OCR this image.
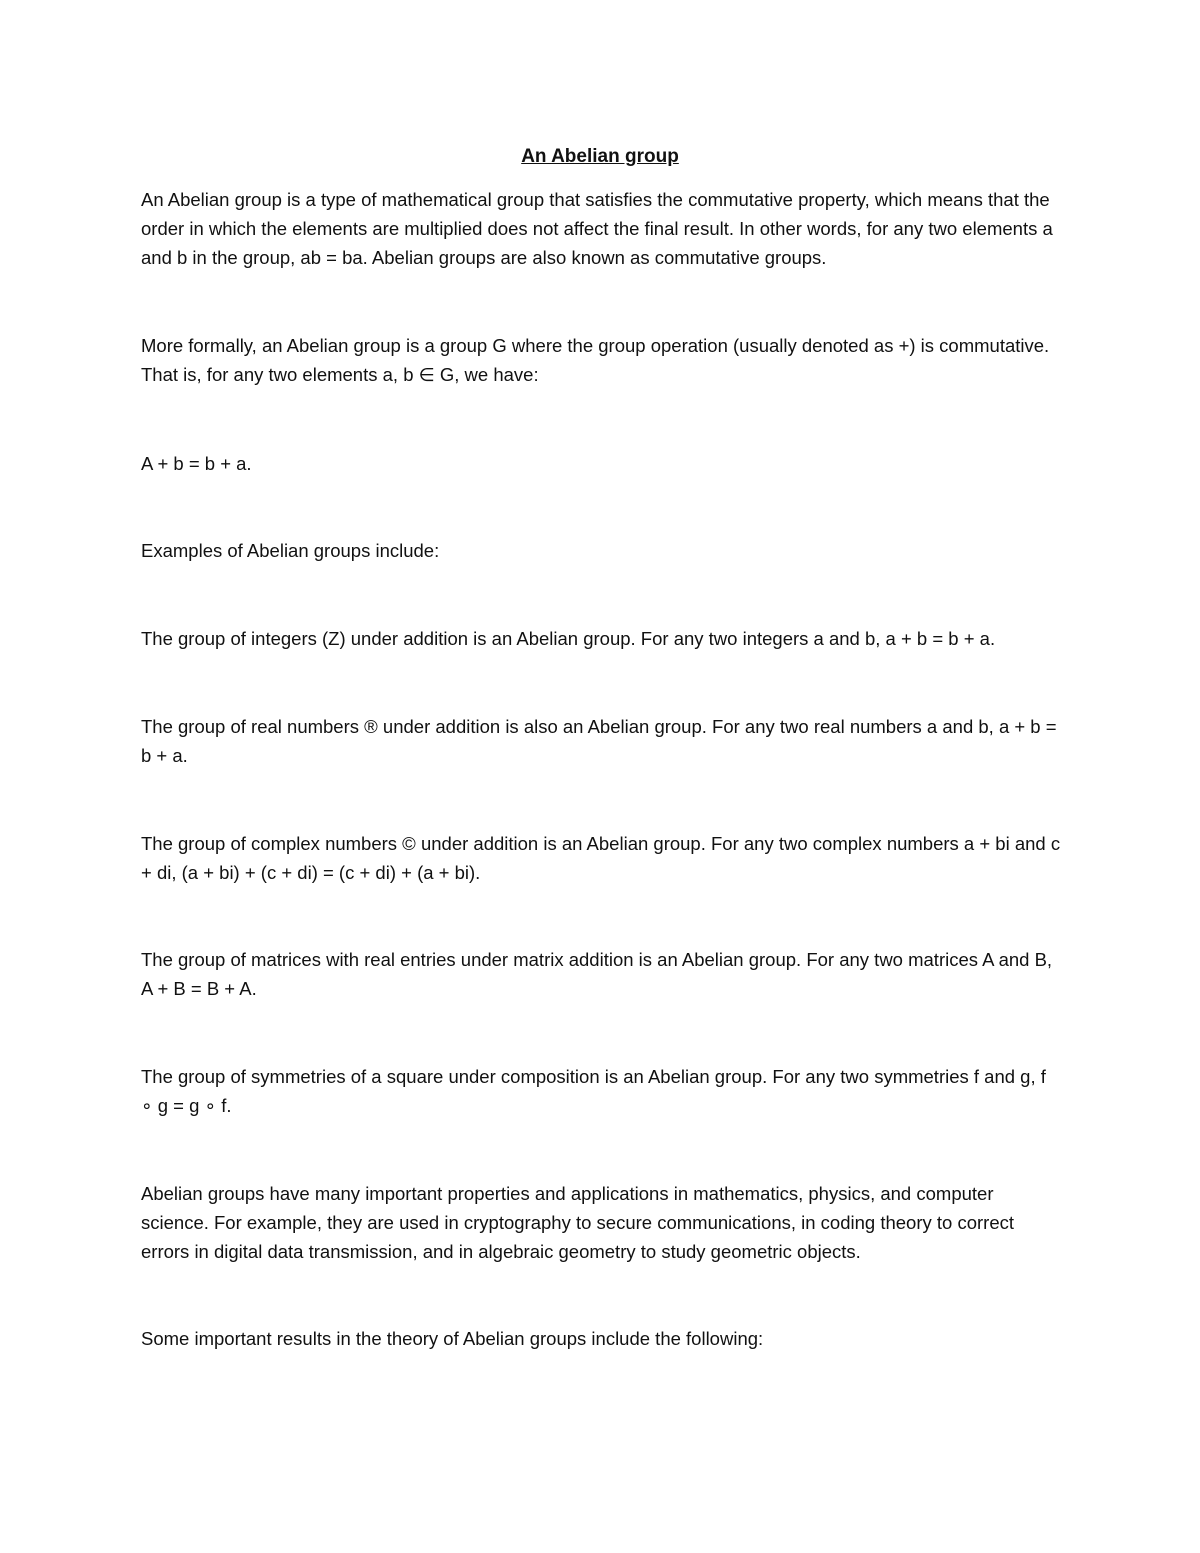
An Abelian group

An Abelian group is a type of mathematical group that satisfies the commutative property, which means that the order in which the elements are multiplied does not affect the final result. In other words, for any two elements a and b in the group, ab = ba. Abelian groups are also known as commutative groups.

More formally, an Abelian group is a group G where the group operation (usually denoted as +) is commutative. That is, for any two elements a, b ∈ G, we have:

A + b = b + a.

Examples of Abelian groups include:

The group of integers (Z) under addition is an Abelian group. For any two integers a and b, a + b = b + a.

The group of real numbers ® under addition is also an Abelian group. For any two real numbers a and b, a + b = b + a.

The group of complex numbers © under addition is an Abelian group. For any two complex numbers a + bi and c + di, (a + bi) + (c + di) = (c + di) + (a + bi).

The group of matrices with real entries under matrix addition is an Abelian group. For any two matrices A and B, A + B = B + A.

The group of symmetries of a square under composition is an Abelian group. For any two symmetries f and g, f ∘ g = g ∘ f.

Abelian groups have many important properties and applications in mathematics, physics, and computer science. For example, they are used in cryptography to secure communications, in coding theory to correct errors in digital data transmission, and in algebraic geometry to study geometric objects.

Some important results in the theory of Abelian groups include the following:
